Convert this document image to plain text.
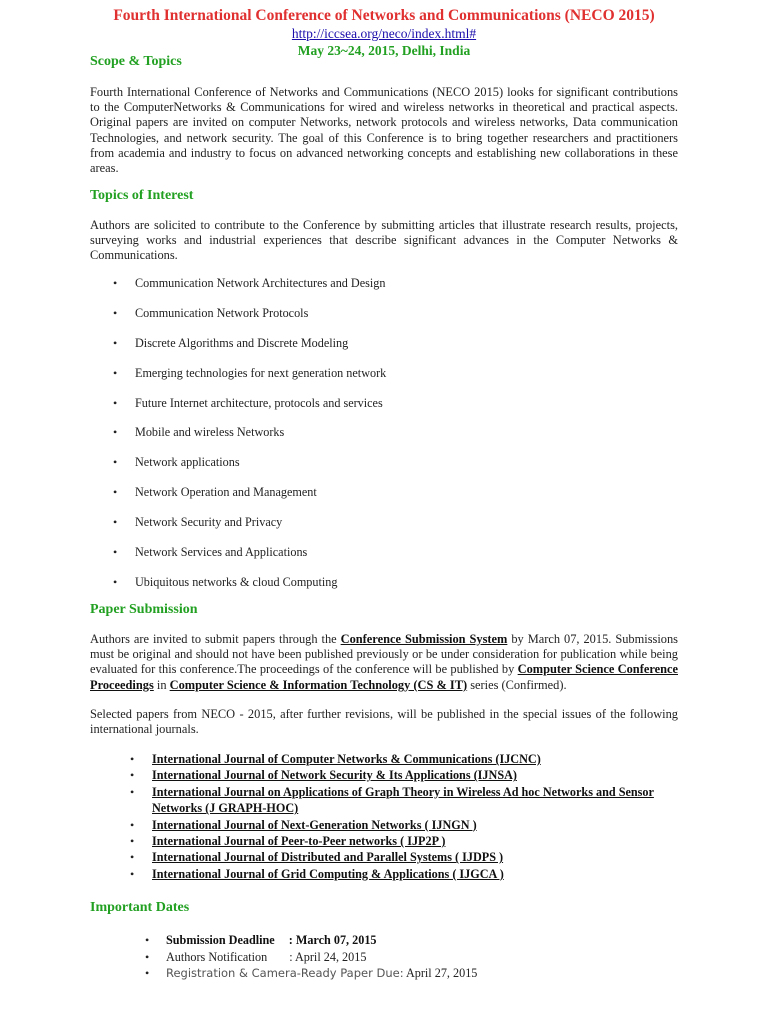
Fourth International Conference of Networks and Communications (NECO 2015)
http://iccsea.org/neco/index.html#
May 23~24, 2015, Delhi, India
Scope & Topics
Fourth International Conference of Networks and Communications (NECO 2015) looks for significant contributions to the ComputerNetworks & Communications for wired and wireless networks in theoretical and practical aspects. Original papers are invited on computer Networks, network protocols and wireless networks, Data communication Technologies, and network security. The goal of this Conference is to bring together researchers and practitioners from academia and industry to focus on advanced networking concepts and establishing new collaborations in these areas.
Topics of Interest
Authors are solicited to contribute to the Conference by submitting articles that illustrate research results, projects, surveying works and industrial experiences that describe significant advances in the Computer Networks & Communications.
• Communication Network Architectures and Design
• Communication Network Protocols
• Discrete Algorithms and Discrete Modeling
• Emerging technologies for next generation network
• Future Internet architecture, protocols and services
• Mobile and wireless Networks
• Network applications
• Network Operation and Management
• Network Security and Privacy
• Network Services and Applications
• Ubiquitous networks & cloud Computing
Paper Submission
Authors are invited to submit papers through the Conference Submission System by March 07, 2015. Submissions must be original and should not have been published previously or be under consideration for publication while being evaluated for this conference.The proceedings of the conference will be published by Computer Science Conference Proceedings in Computer Science & Information Technology (CS & IT) series (Confirmed).
Selected papers from NECO - 2015, after further revisions, will be published in the special issues of the following international journals.
• International Journal of Computer Networks & Communications (IJCNC)
• International Journal of Network Security & Its Applications (IJNSA)
• International Journal on Applications of Graph Theory in Wireless Ad hoc Networks and Sensor Networks (J GRAPH-HOC)
• International Journal of Next-Generation Networks ( IJNGN )
• International Journal of Peer-to-Peer networks ( IJP2P )
• International Journal of Distributed and Parallel Systems ( IJDPS )
• International Journal of Grid Computing & Applications ( IJGCA )
Important Dates
• Submission Deadline : March 07, 2015
• Authors Notification : April 24, 2015
• Registration & Camera-Ready Paper Due: April 27, 2015
